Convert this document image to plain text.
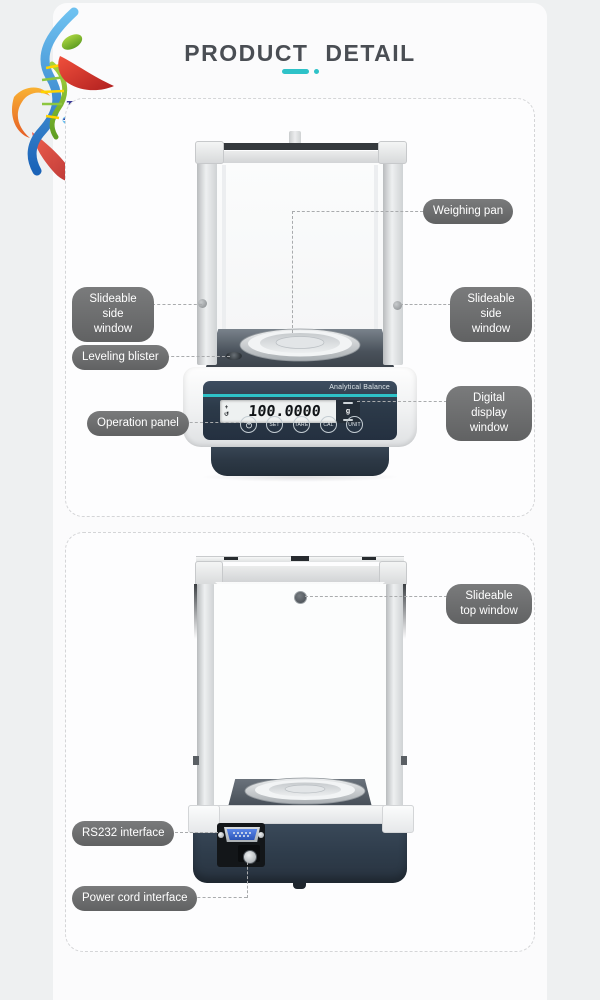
PRODUCT DETAIL
Analytical Balance
+
↺	100.0000	g
SET	TARE	CAL	UNIT
Weighing pan
Slideable side window
Slideable side window
Leveling blister
Operation panel
Digital display window
Slideable top window
RS232 interface
Power cord interface
